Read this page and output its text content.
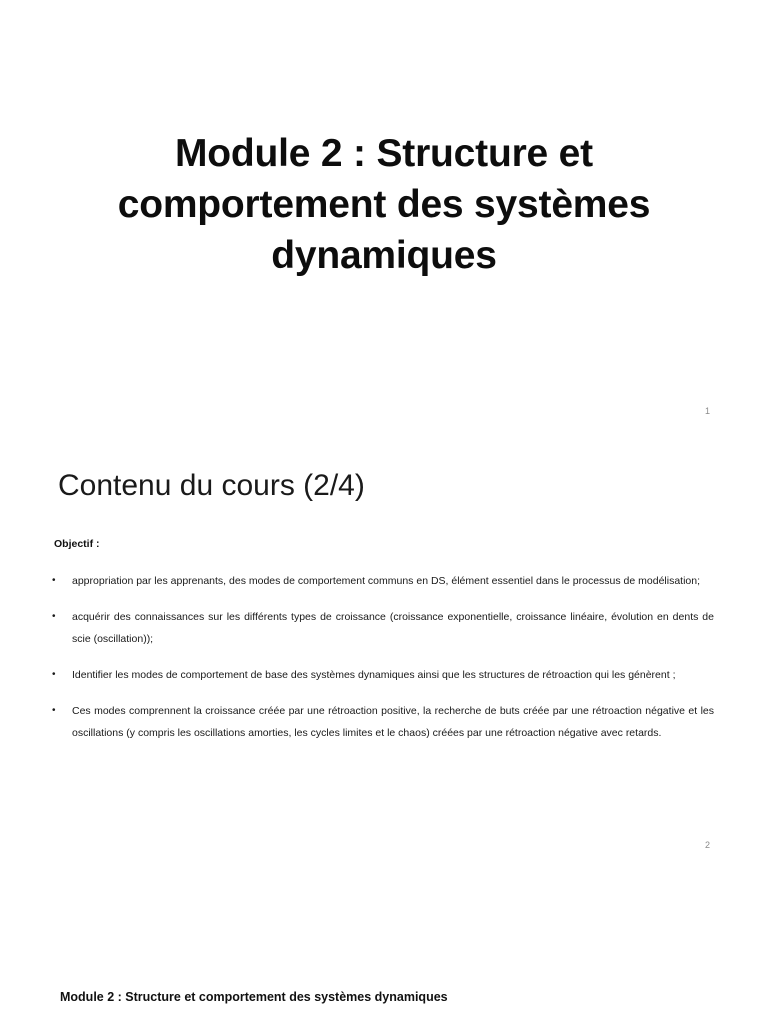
Module 2 : Structure et comportement des systèmes dynamiques
1
Contenu du cours (2/4)
Objectif :
• appropriation par les apprenants, des modes de comportement communs en DS, élément essentiel dans le processus de modélisation;
• acquérir des connaissances sur les différents types de croissance (croissance exponentielle, croissance linéaire, évolution en dents de scie (oscillation));
• Identifier les modes de comportement de base des systèmes dynamiques ainsi que les structures de rétroaction qui les génèrent ;
• Ces modes comprennent la croissance créée par une rétroaction positive, la recherche de buts créée par une rétroaction négative et les oscillations (y compris les oscillations amorties, les cycles limites et le chaos) créées par une rétroaction négative avec retards.
2
Module 2 : Structure et comportement des systèmes dynamiques
